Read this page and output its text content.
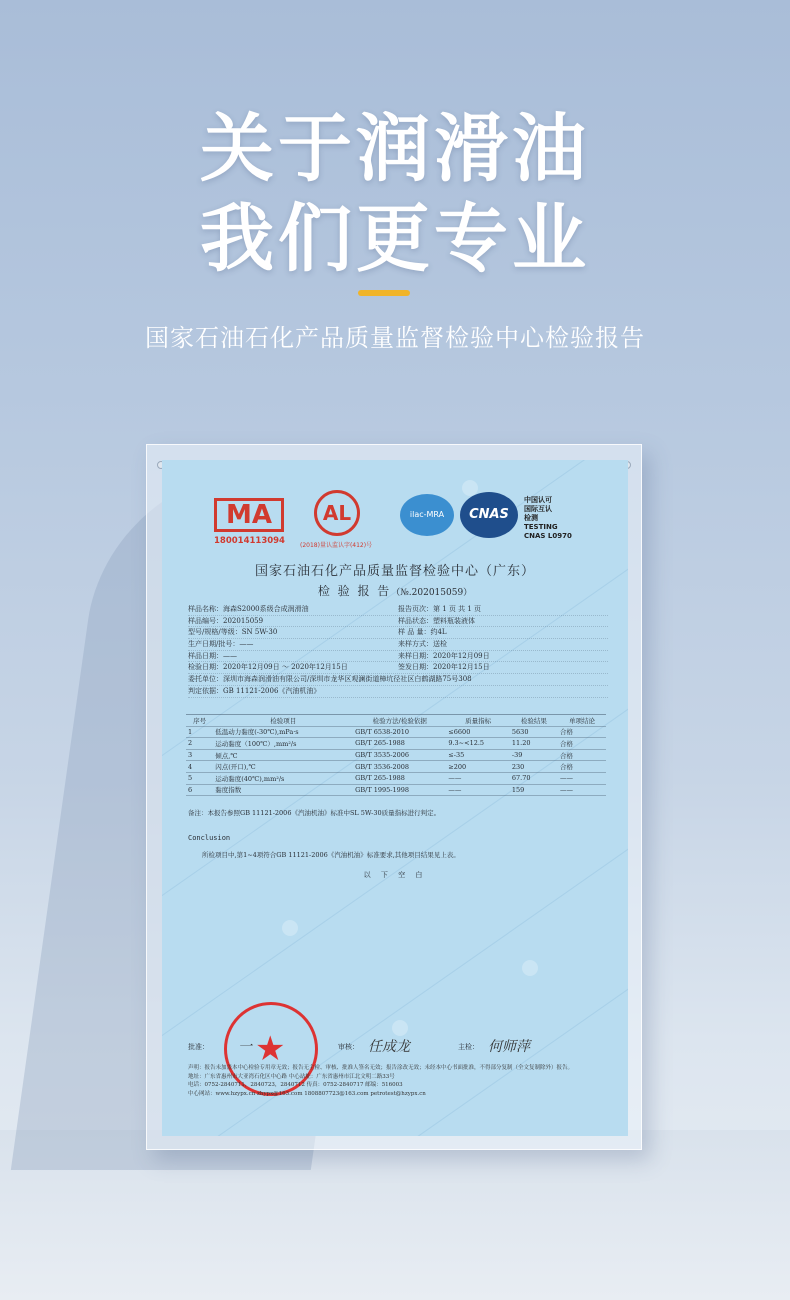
关于润滑油
我们更专业
国家石油石化产品质量监督检验中心检验报告
MA
180014113094
AL
(2018)量认监认字(412)号
ilac-MRA	CNAS
中国认可
国际互认
检测
TESTING
CNAS L0970
国家石油石化产品质量监督检验中心（广东）
检 验 报 告（№.202015059）
样品名称：海森S2000系级合成润滑油	报告页次：第 1 页 共 1 页
样品编号：202015059	样品状态：塑料瓶装液体
型号/规格/等级：SN 5W-30	样 品 量：约4L
生产日期/批号：——	来样方式：送检
样品日期：——	来样日期：2020年12月09日
检验日期：2020年12月09日 ～ 2020年12月15日	签发日期：2020年12月15日
委托单位：深圳市海森润滑油有限公司/深圳市龙华区观澜街道樟坑径社区白鹤湖路75号308
判定依据：GB 11121-2006《汽油机油》
序号	检验项目	检验方法/检验依据	质量指标	检验结果	单项结论
1	低温动力黏度(-30℃),mPa·s	GB/T 6538-2010	≤6600	5630	合格
2	运动黏度（100℃）,mm²/s	GB/T 265-1988	9.3~<12.5	11.20	合格
3	倾点,℃	GB/T 3535-2006	≤-35	-39	合格
4	闪点(开口),℃	GB/T 3536-2008	≥200	230	合格
5	运动黏度(40℃),mm²/s	GB/T 265-1988	——	67.70	——
6	黏度指数	GB/T 1995-1998	——	159	——
备注：本报告参照GB 11121-2006《汽油机油》标准中SL 5W-30质量指标进行判定。
Conclusion
所检项目中,第1~4项符合GB 11121-2006《汽油机油》标准要求,其他项目结果见上表。
以 下 空 白
★
批准： 一	审核： 任成龙	主检： 何师萍
声明：报告未加盖本中心检验专用章无效；报告无主检、审核、批准人签名无效；报告涂改无效；未经本中心书面批准，不得部分复制（全文复制除外）报告。
地址：广东省惠州市大亚湾石化区中心路 中心站址：广东省惠州市江北文明二路33号
电话：0752-2840711，2840723，2840712 传真：0752-2840717 邮编：516003
中心网站：www.hzypx.cn zhypx@163.com 1808807723@163.com petrotest@hzypx.cn
